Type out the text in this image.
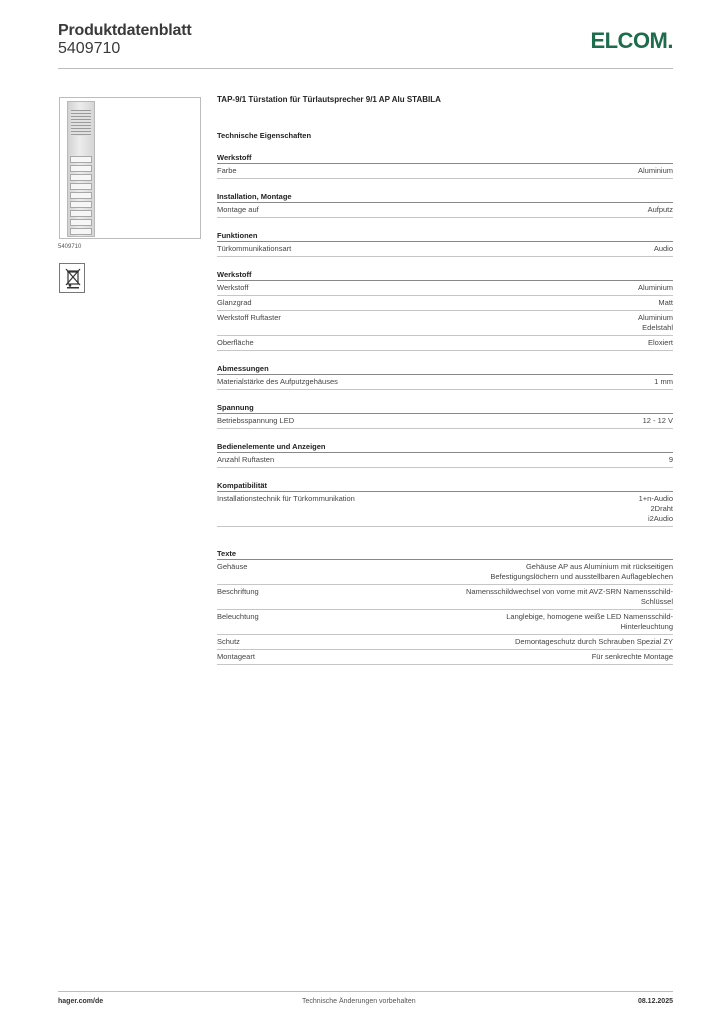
Produktdatenblatt
5409710	ELCOM.
5409710
TAP-9/1 Türstation für Türlautsprecher 9/1 AP Alu STABILA
Technische Eigenschaften
Werkstoff
Farbe	Aluminium
Installation, Montage
Montage auf	Aufputz
Funktionen
Türkommunikationsart	Audio
Werkstoff
Werkstoff	Aluminium
Glanzgrad	Matt
Werkstoff Ruftaster	Aluminium
Edelstahl
Oberfläche	Eloxiert
Abmessungen
Materialstärke des Aufputzgehäuses	1 mm
Spannung
Betriebsspannung LED	12 - 12 V
Bedienelemente und Anzeigen
Anzahl Ruftasten	9
Kompatibilität
Installationstechnik für Türkommunikation	1+n-Audio
2Draht
i2Audio
Texte
Gehäuse	Gehäuse AP aus Aluminium mit rückseitigen
Befestigungslöchern und ausstellbaren Auflageblechen
Beschriftung	Namensschildwechsel von vorne mit AVZ-SRN Namensschild-
Schlüssel
Beleuchtung	Langlebige, homogene weiße LED Namensschild-
Hinterleuchtung
Schutz	Demontageschutz durch Schrauben Spezial ZY
Montageart	Für senkrechte Montage
hager.com/de	Technische Änderungen vorbehalten	08.12.2025
